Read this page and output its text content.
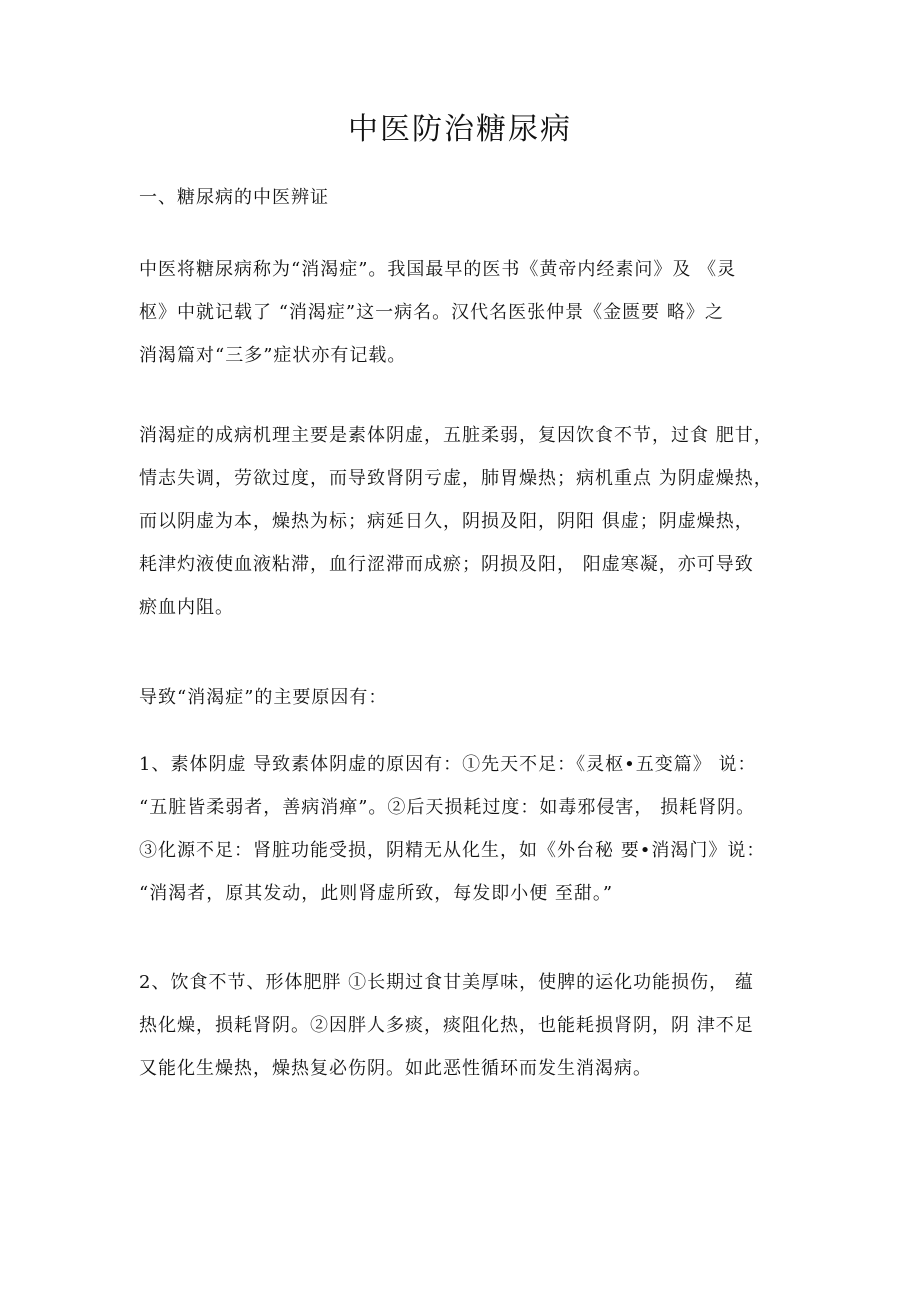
中医防治糖尿病
一、糖尿病的中医辨证

中医将糖尿病称为“消渴症”。我国最早的医书《黄帝内经素问》及 《灵
枢》中就记载了 “消渴症”这一病名。汉代名医张仲景《金匮要 略》之
消渴篇对“三多”症状亦有记载。

消渴症的成病机理主要是素体阴虚，五脏柔弱，复因饮食不节，过食 肥甘，
情志失调，劳欲过度，而导致肾阴亏虚，肺胃燥热；病机重点 为阴虚燥热，
而以阴虚为本，燥热为标；病延日久，阴损及阳，阴阳 俱虚；阴虚燥热，
耗津灼液使血液粘滞，血行涩滞而成瘀；阴损及阳， 阳虚寒凝，亦可导致
瘀血内阻。

导致“消渴症”的主要原因有：

1、素体阴虚 导致素体阴虚的原因有：①先天不足：《灵枢•五变篇》 说：
“五脏皆柔弱者，善病消瘅”。②后天损耗过度：如毒邪侵害， 损耗肾阴。
③化源不足：肾脏功能受损，阴精无从化生，如《外台秘 要•消渴门》说：
“消渴者，原其发动，此则肾虚所致，每发即小便 至甜。”

2、饮食不节、形体肥胖 ①长期过食甘美厚味，使脾的运化功能损伤， 蕴
热化燥，损耗肾阴。②因胖人多痰，痰阻化热，也能耗损肾阴，阴 津不足
又能化生燥热，燥热复必伤阴。如此恶性循环而发生消渴病。
